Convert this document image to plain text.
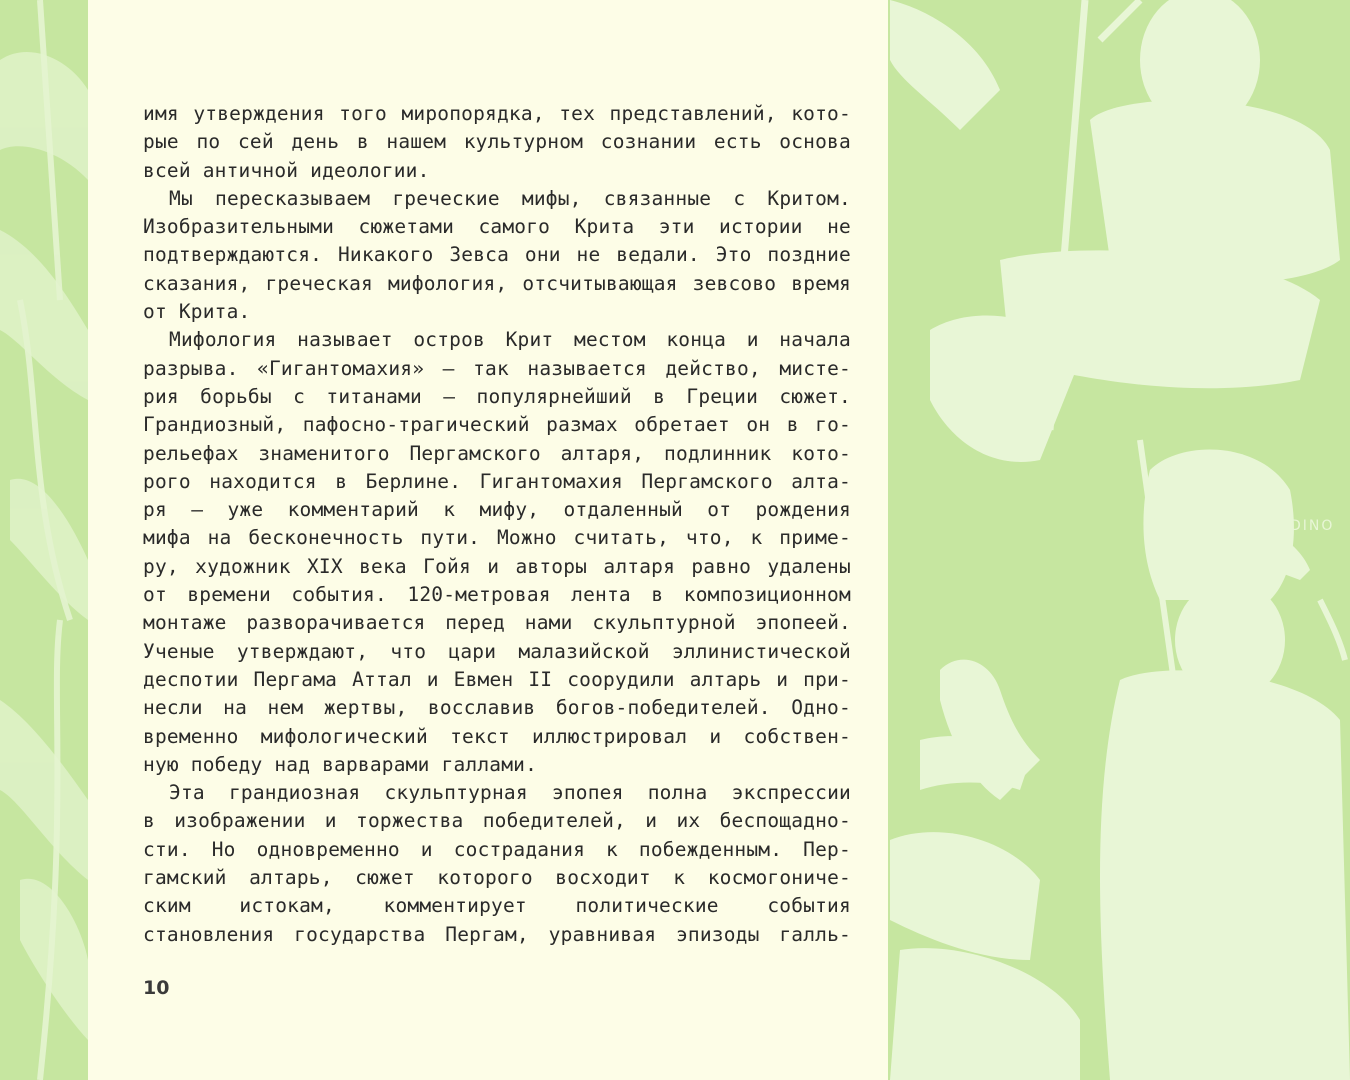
DINO
имя утверждения того миропорядка, тех представлений, кото-
рые по сей день в нашем культурном сознании есть основа
всей античной идеологии.
Мы пересказываем греческие мифы, связанные с Критом.
Изобразительными сюжетами самого Крита эти истории не
подтверждаются. Никакого Зевса они не ведали. Это поздние
сказания, греческая мифология, отсчитывающая зевсово время
от Крита.
Мифология называет остров Крит местом конца и начала
разрыва. «Гигантомахия» — так называется действо, мисте-
рия борьбы с титанами — популярнейший в Греции сюжет.
Грандиозный, пафосно-трагический размах обретает он в го-
рельефах знаменитого Пергамского алтаря, подлинник кото-
рого находится в Берлине. Гигантомахия Пергамского алта-
ря — уже комментарий к мифу, отдаленный от рождения
мифа на бесконечность пути. Можно считать, что, к приме-
ру, художник XIX века Гойя и авторы алтаря равно удалены
от времени события. 120-метровая лента в композиционном
монтаже разворачивается перед нами скульптурной эпопеей.
Ученые утверждают, что цари малазийской эллинистической
деспотии Пергама Аттал и Евмен II соорудили алтарь и при-
несли на нем жертвы, восславив богов-победителей. Одно-
временно мифологический текст иллюстрировал и собствен-
ную победу над варварами галлами.
Эта грандиозная скульптурная эпопея полна экспрессии
в изображении и торжества победителей, и их беспощадно-
сти. Но одновременно и сострадания к побежденным. Пер-
гамский алтарь, сюжет которого восходит к космогониче-
ским истокам, комментирует политические события
становления государства Пергам, уравнивая эпизоды галль-
10
